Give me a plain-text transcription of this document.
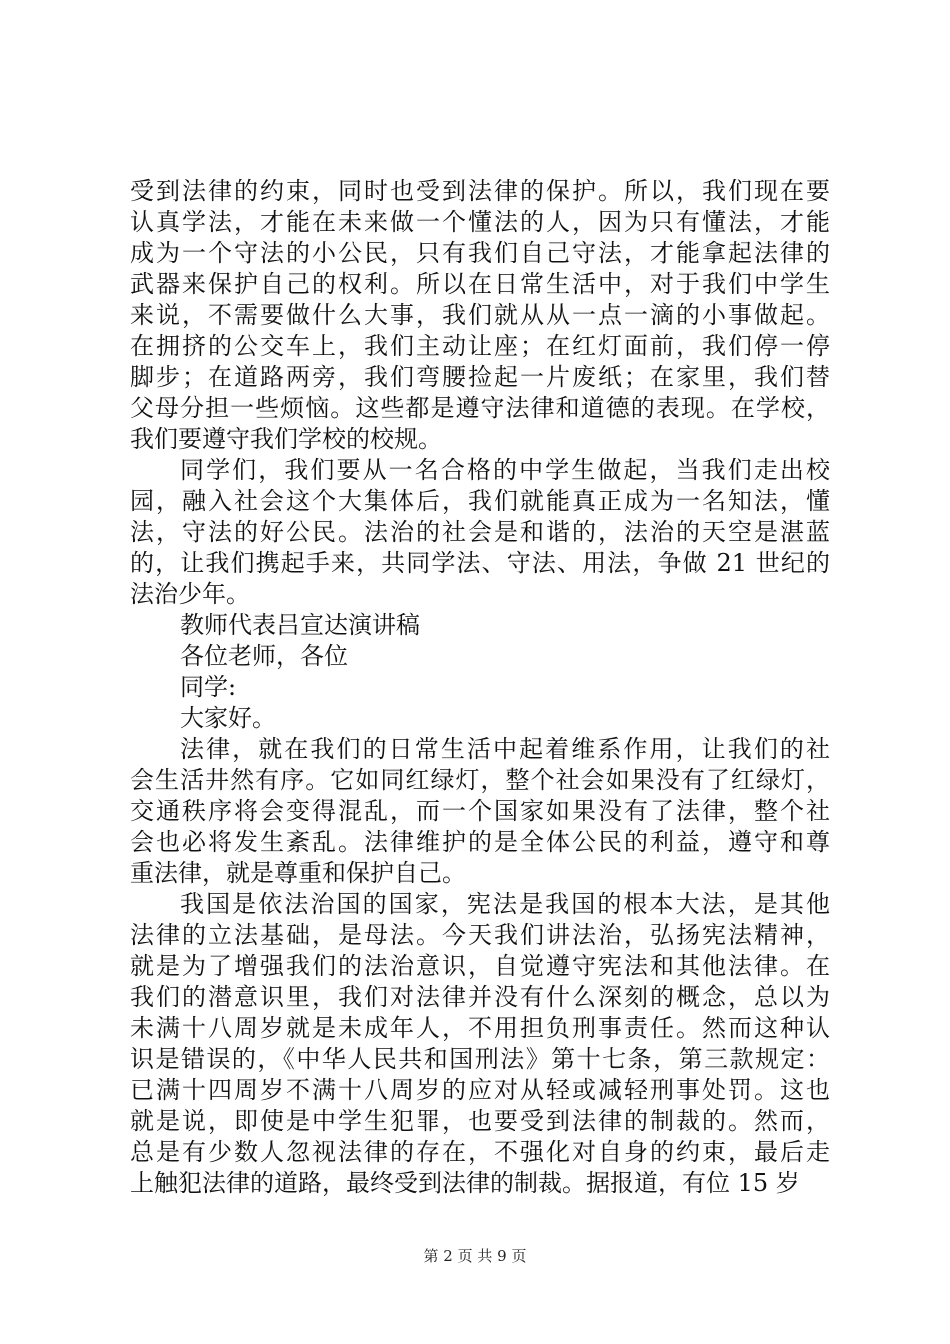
受到法律的约束，同时也受到法律的保护。所以，我们现在要
认真学法，才能在未来做一个懂法的人，因为只有懂法，才能
成为一个守法的小公民，只有我们自己守法，才能拿起法律的
武器来保护自己的权利。所以在日常生活中，对于我们中学生
来说，不需要做什么大事，我们就从从一点一滴的小事做起。
在拥挤的公交车上，我们主动让座；在红灯面前，我们停一停
脚步；在道路两旁，我们弯腰捡起一片废纸；在家里，我们替
父母分担一些烦恼。这些都是遵守法律和道德的表现。在学校，
我们要遵守我们学校的校规。
同学们，我们要从一名合格的中学生做起，当我们走出校
园，融入社会这个大集体后，我们就能真正成为一名知法，懂
法，守法的好公民。法治的社会是和谐的，法治的天空是湛蓝
的，让我们携起手来，共同学法、守法、用法，争做 21 世纪的
法治少年。
教师代表吕宣达演讲稿
各位老师，各位
同学:
大家好。
法律，就在我们的日常生活中起着维系作用，让我们的社
会生活井然有序。它如同红绿灯，整个社会如果没有了红绿灯，
交通秩序将会变得混乱，而一个国家如果没有了法律，整个社
会也必将发生紊乱。法律维护的是全体公民的利益，遵守和尊
重法律，就是尊重和保护自己。
我国是依法治国的国家，宪法是我国的根本大法，是其他
法律的立法基础，是母法。今天我们讲法治，弘扬宪法精神，
就是为了增强我们的法治意识，自觉遵守宪法和其他法律。在
我们的潜意识里，我们对法律并没有什么深刻的概念，总以为
未满十八周岁就是未成年人，不用担负刑事责任。然而这种认
识是错误的，《中华人民共和国刑法》第十七条，第三款规定：
已满十四周岁不满十八周岁的应对从轻或减轻刑事处罚。这也
就是说，即使是中学生犯罪，也要受到法律的制裁的。然而，
总是有少数人忽视法律的存在，不强化对自身的约束，最后走
上触犯法律的道路，最终受到法律的制裁。据报道，有位 15 岁
第 2 页 共 9 页
